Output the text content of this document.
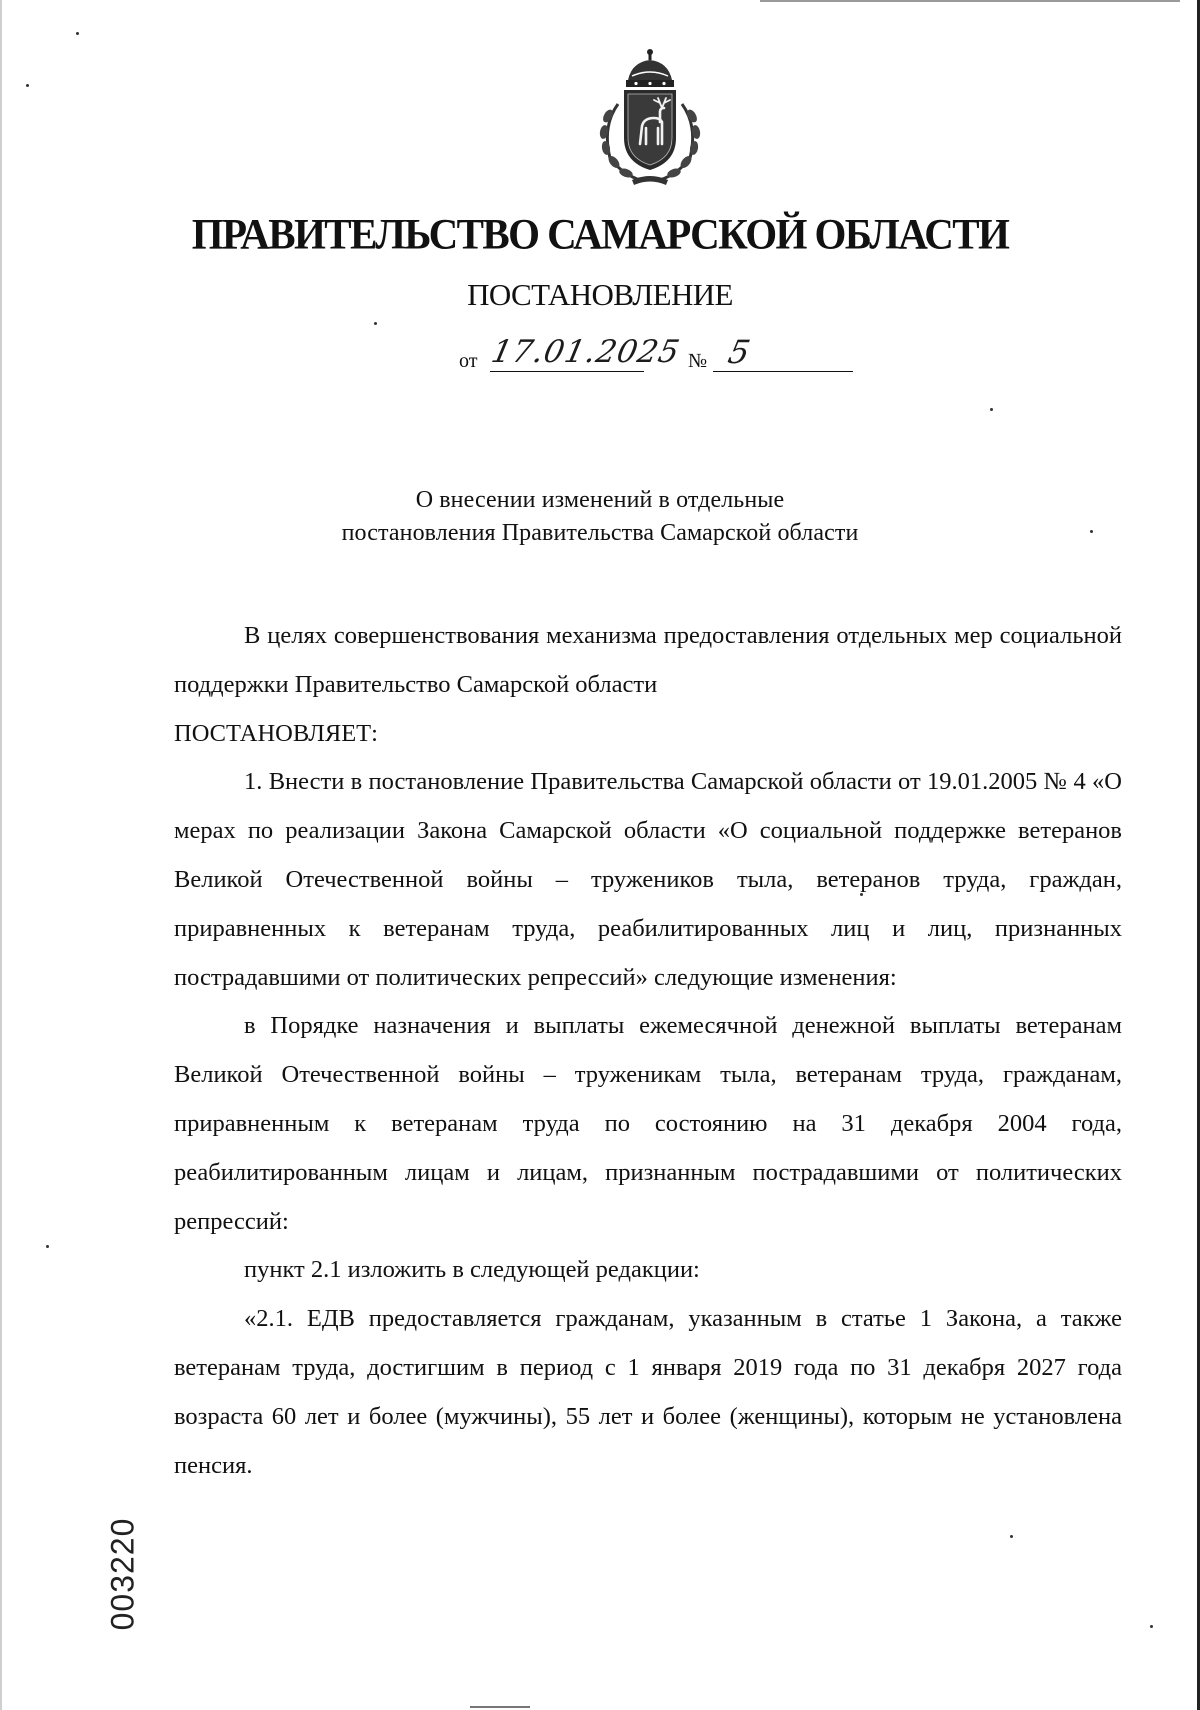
ПРАВИТЕЛЬСТВО САМАРСКОЙ ОБЛАСТИ
ПОСТАНОВЛЕНИЕ
от 17.01.2025 № 5
О внесении изменений в отдельные
постановления Правительства Самарской области

В целях совершенствования механизма предоставления отдельных мер социальной поддержки Правительство Самарской области

ПОСТАНОВЛЯЕТ:

1. Внести в постановление Правительства Самарской области от 19.01.2005 № 4 «О мерах по реализации Закона Самарской области «О социальной поддержке ветеранов Великой Отечественной войны – тружеников тыла, ветеранов труда, граждан, приравненных к ветеранам труда, реабилитированных лиц и лиц, признанных пострадавшими от политических репрессий» следующие изменения:

в Порядке назначения и выплаты ежемесячной денежной выплаты ветеранам Великой Отечественной войны – труженикам тыла, ветеранам труда, гражданам, приравненным к ветеранам труда по состоянию на 31 декабря 2004 года, реабилитированным лицам и лицам, признанным пострадавшими от политических репрессий:

пункт 2.1 изложить в следующей редакции:

«2.1. ЕДВ предоставляется гражданам, указанным в статье 1 Закона, а также ветеранам труда, достигшим в период с 1 января 2019 года по 31 декабря 2027 года возраста 60 лет и более (мужчины), 55 лет и более (женщины), которым не установлена пенсия.

003220
